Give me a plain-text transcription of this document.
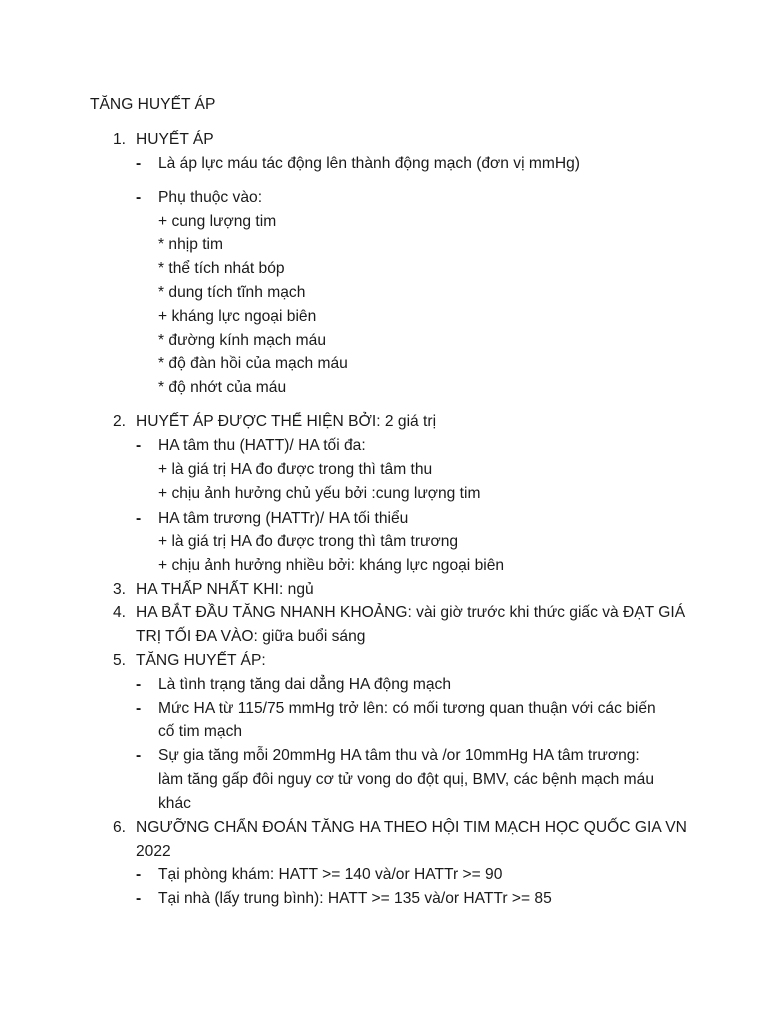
TĂNG HUYẾT ÁP
1. HUYẾT ÁP
- Là áp lực máu tác động lên thành động mạch (đơn vị mmHg)
- Phụ thuộc vào:
+ cung lượng tim
* nhịp tim
* thể tích nhát bóp
* dung tích tĩnh mạch
+ kháng lực ngoại biên
* đường kính mạch máu
* độ đàn hồi của mạch máu
* độ nhớt của máu
2. HUYẾT ÁP ĐƯỢC THỂ HIỆN BỞI: 2 giá trị
- HA tâm thu (HATT)/ HA tối đa:
+ là giá trị HA đo được trong thì tâm thu
+ chịu ảnh hưởng chủ yếu bởi :cung lượng tim
- HA tâm trương (HATTr)/ HA tối thiểu
+ là giá trị HA đo được trong thì tâm trương
+ chịu ảnh hưởng nhiều bởi: kháng lực ngoại biên
3. HA THẤP NHẤT KHI: ngủ
4. HA BẮT ĐẦU TĂNG NHANH KHOẢNG: vài giờ trước khi thức giấc và ĐẠT GIÁ
TRỊ TỐI ĐA VÀO: giữa buổi sáng
5. TĂNG HUYẾT ÁP:
- Là tình trạng tăng dai dẳng HA động mạch
- Mức HA từ 115/75 mmHg trở lên: có mối tương quan thuận với các biến
cố tim mạch
- Sự gia tăng mỗi 20mmHg HA tâm thu và /or 10mmHg HA tâm trương:
làm tăng gấp đôi nguy cơ tử vong do đột quị, BMV, các bệnh mạch máu
khác
6. NGƯỠNG CHẨN ĐOÁN TĂNG HA THEO HỘI TIM MẠCH HỌC QUỐC GIA VN
2022
- Tại phòng khám: HATT >= 140 và/or HATTr >= 90
- Tại nhà (lấy trung bình): HATT >= 135 và/or HATTr >= 85
